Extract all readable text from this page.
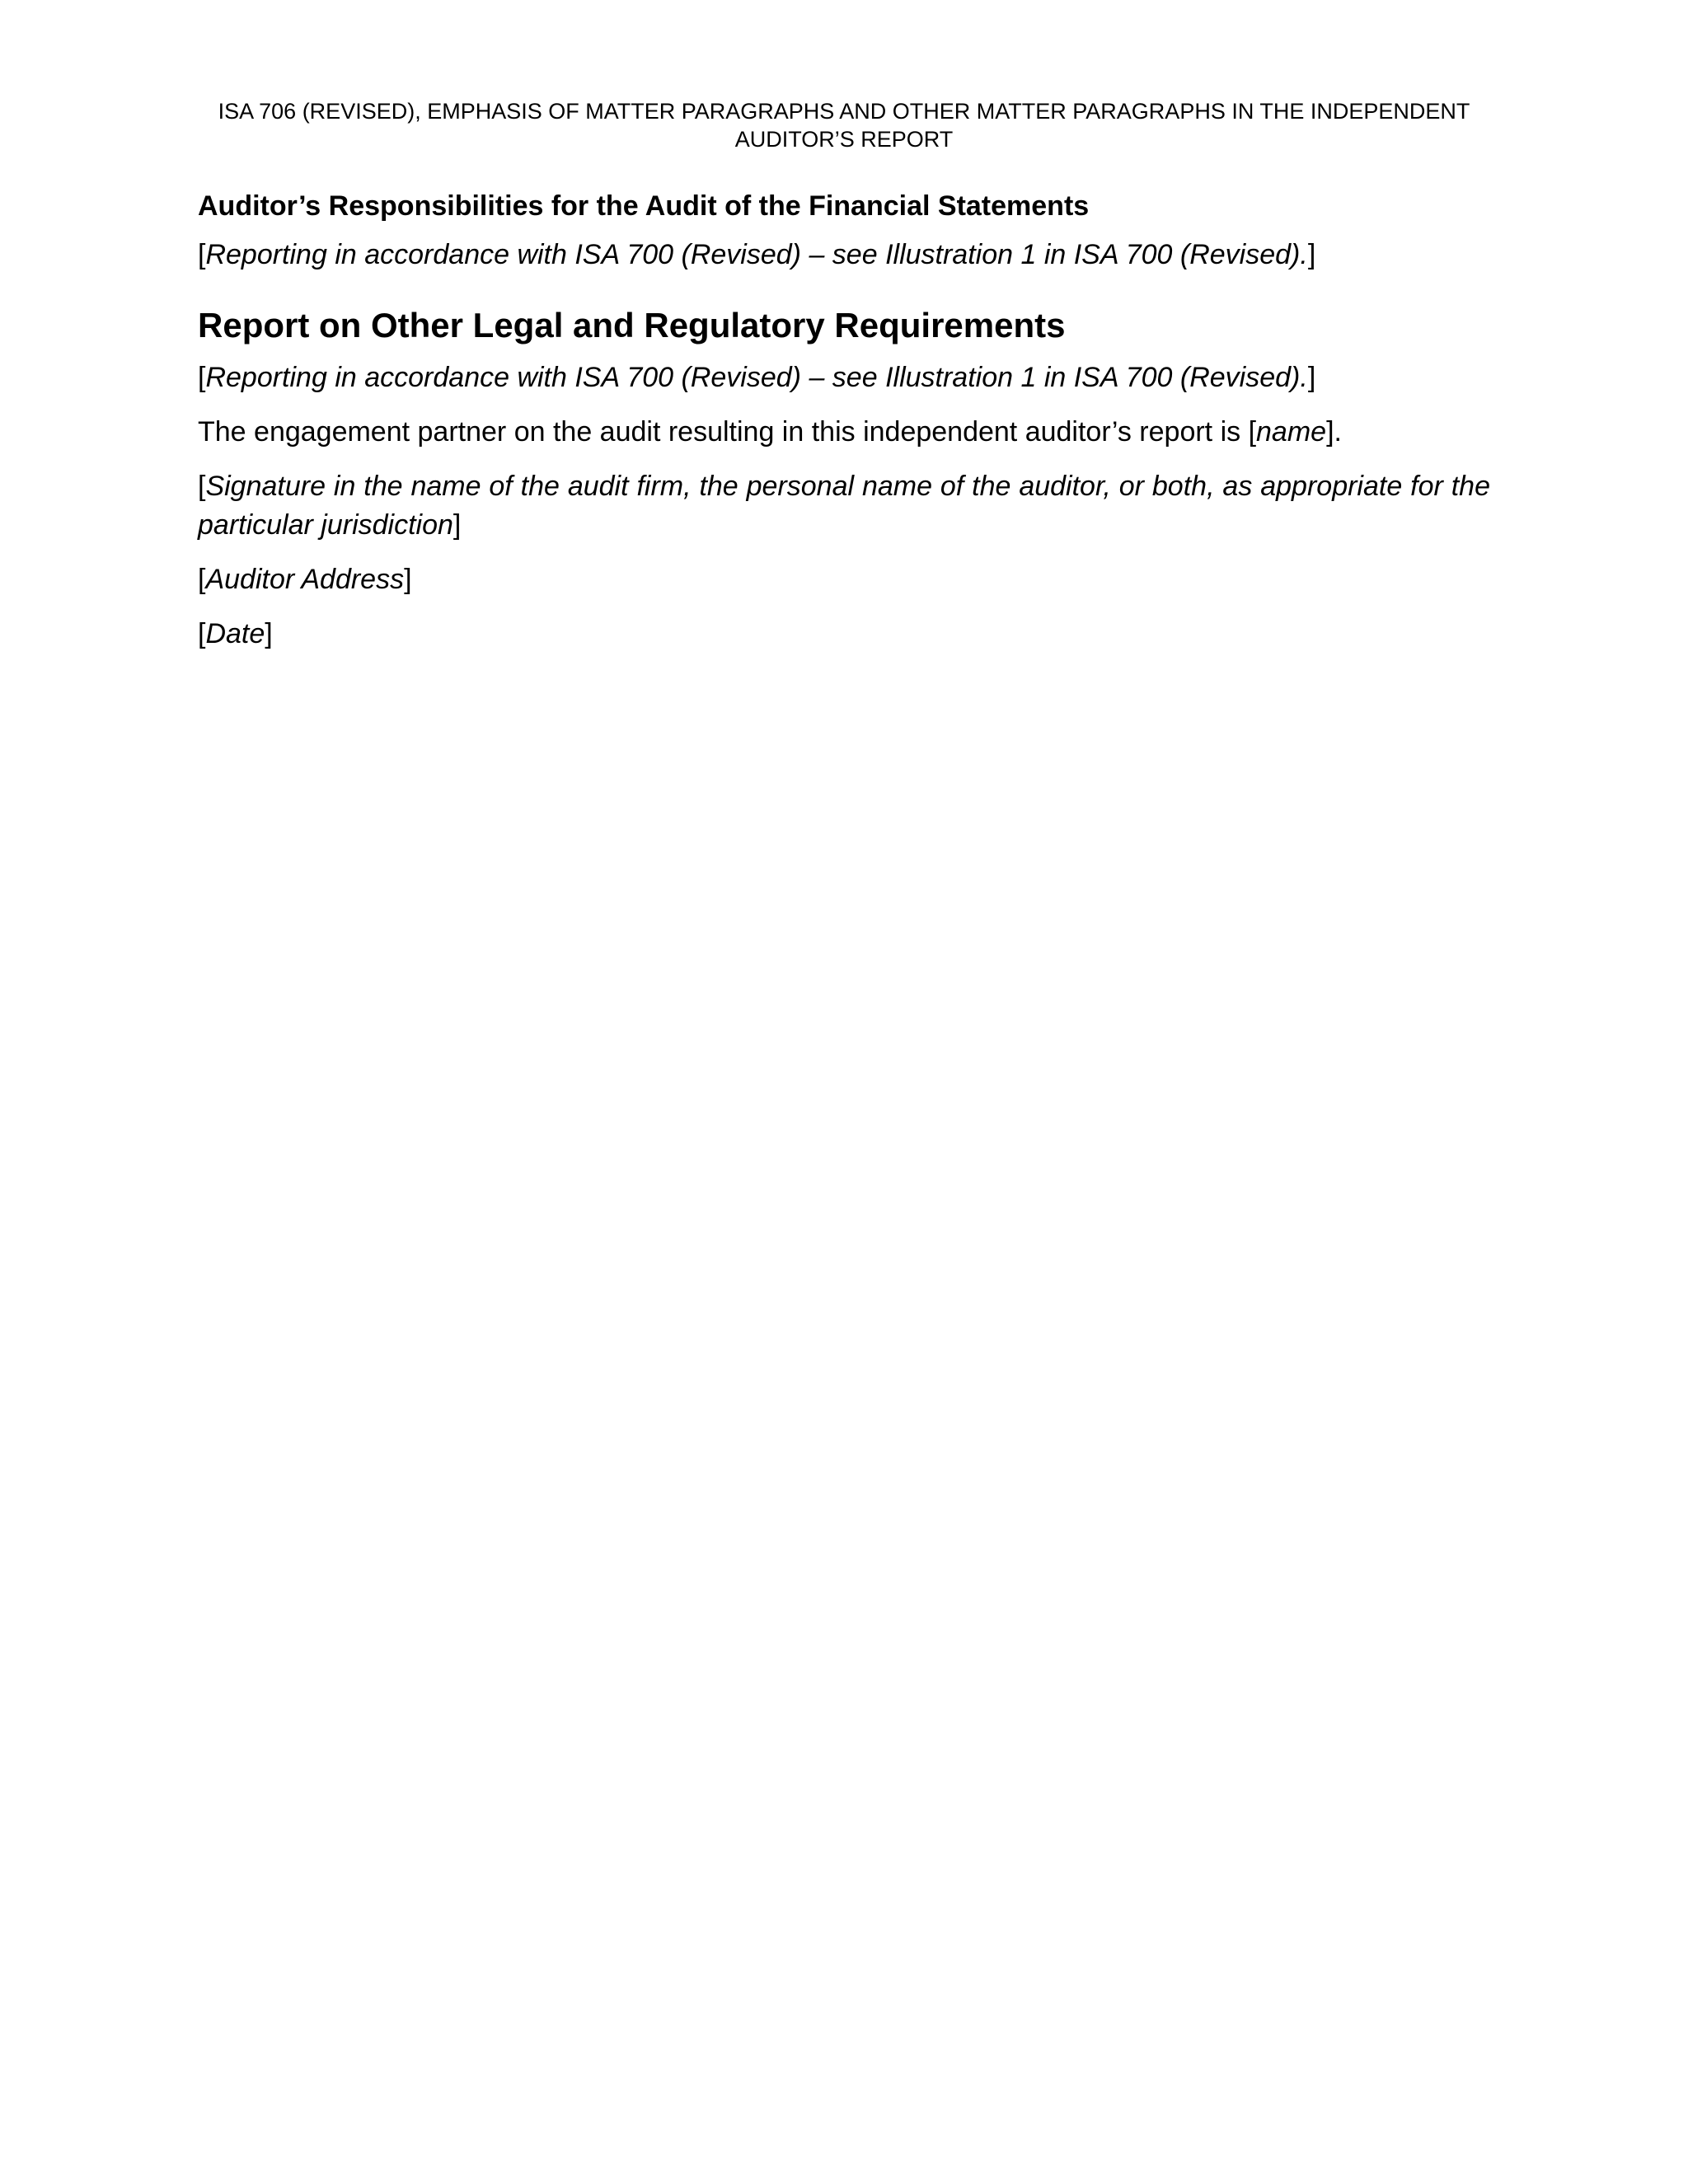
ISA 706 (REVISED), EMPHASIS OF MATTER PARAGRAPHS AND OTHER MATTER PARAGRAPHS IN THE INDEPENDENT
AUDITOR’S REPORT
Auditor’s Responsibilities for the Audit of the Financial Statements

[Reporting in accordance with ISA 700 (Revised) – see Illustration 1 in ISA 700 (Revised).]

Report on Other Legal and Regulatory Requirements

[Reporting in accordance with ISA 700 (Revised) – see Illustration 1 in ISA 700 (Revised).]

The engagement partner on the audit resulting in this independent auditor’s report is [name].

[Signature in the name of the audit firm, the personal name of the auditor, or both, as appropriate for the particular jurisdiction]

[Auditor Address]

[Date]
